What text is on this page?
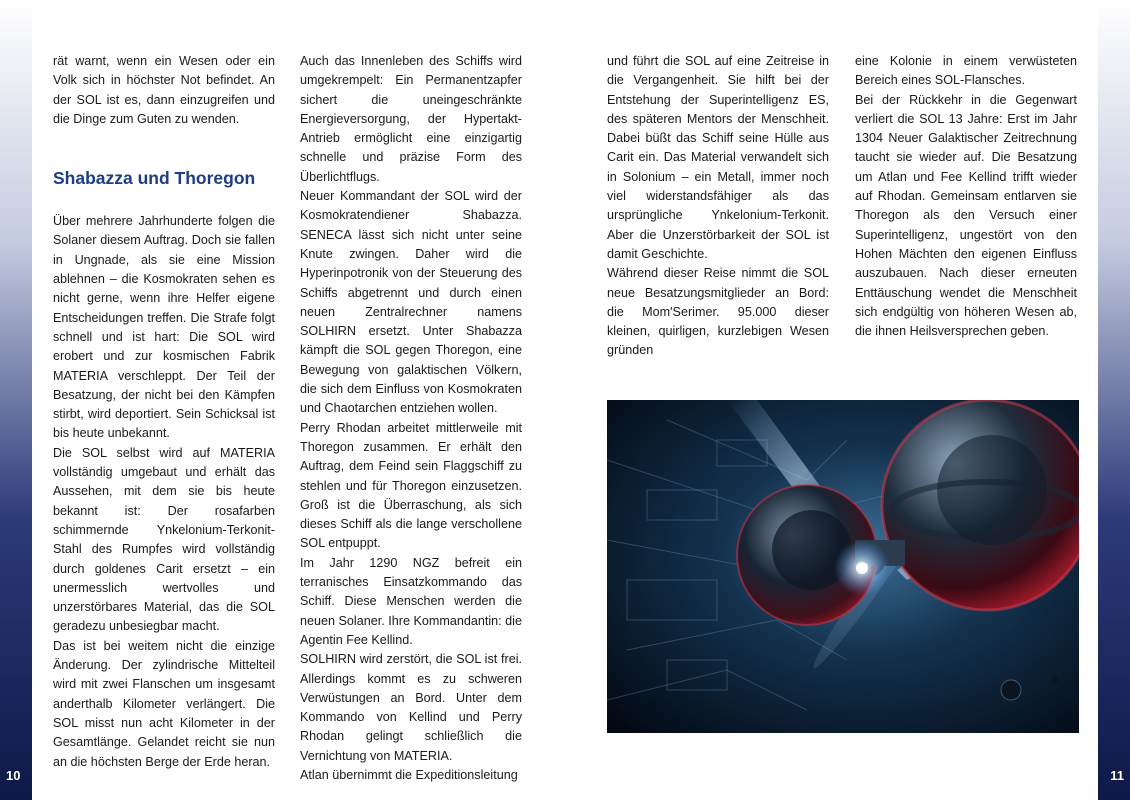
10	11

rät warnt, wenn ein Wesen oder ein Volk sich in höchster Not befindet. An der SOL ist es, dann einzugreifen und die Dinge zum Guten zu wenden.

Shabazza und Thoregon

Über mehrere Jahrhunderte folgen die Solaner diesem Auftrag. Doch sie fallen in Ungnade, als sie eine Mission ablehnen – die Kosmokraten sehen es nicht gerne, wenn ihre Helfer eigene Entscheidungen treffen. Die Strafe folgt schnell und ist hart: Die SOL wird erobert und zur kosmischen Fabrik MATERIA verschleppt. Der Teil der Besatzung, der nicht bei den Kämpfen stirbt, wird deportiert. Sein Schicksal ist bis heute unbekannt.

Die SOL selbst wird auf MATERIA vollständig umgebaut und erhält das Aussehen, mit dem sie bis heute bekannt ist: Der rosafarben schimmernde Ynkelonium-Terkonit-Stahl des Rumpfes wird vollständig durch goldenes Carit ersetzt – ein unermesslich wertvolles und unzerstörbares Material, das die SOL geradezu unbesiegbar macht.

Das ist bei weitem nicht die einzige Änderung. Der zylindrische Mittelteil wird mit zwei Flanschen um insgesamt anderthalb Kilometer verlängert. Die SOL misst nun acht Kilometer in der Gesamtlänge. Gelandet reicht sie nun an die höchsten Berge der Erde heran.

Auch das Innenleben des Schiffs wird umgekrempelt: Ein Permanentzapfer sichert die uneingeschränkte Energieversorgung, der Hypertakt-Antrieb ermöglicht eine einzigartig schnelle und präzise Form des Überlichtflugs.

Neuer Kommandant der SOL wird der Kosmokratendiener Shabazza. SENECA lässt sich nicht unter seine Knute zwingen. Daher wird die Hyperinpotronik von der Steuerung des Schiffs abgetrennt und durch einen neuen Zentralrechner namens SOLHIRN ersetzt. Unter Shabazza kämpft die SOL gegen Thoregon, eine Bewegung von galaktischen Völkern, die sich dem Einfluss von Kosmokraten und Chaotarchen entziehen wollen.

Perry Rhodan arbeitet mittlerweile mit Thoregon zusammen. Er erhält den Auftrag, dem Feind sein Flaggschiff zu stehlen und für Thoregon einzusetzen. Groß ist die Überraschung, als sich dieses Schiff als die lange verschollene SOL entpuppt.

Im Jahr 1290 NGZ befreit ein terranisches Einsatzkommando das Schiff. Diese Menschen werden die neuen Solaner. Ihre Kommandantin: die Agentin Fee Kellind.

SOLHIRN wird zerstört, die SOL ist frei. Allerdings kommt es zu schweren Verwüstungen an Bord. Unter dem Kommando von Kellind und Perry Rhodan gelingt schließlich die Vernichtung von MATERIA.

Atlan übernimmt die Expeditionsleitung

und führt die SOL auf eine Zeitreise in die Vergangenheit. Sie hilft bei der Entstehung der Superintelligenz ES, des späteren Mentors der Menschheit. Dabei büßt das Schiff seine Hülle aus Carit ein. Das Material verwandelt sich in Solonium – ein Metall, immer noch viel widerstandsfähiger als das ursprüngliche Ynkelonium-Terkonit. Aber die Unzerstörbarkeit der SOL ist damit Geschichte.

Während dieser Reise nimmt die SOL neue Besatzungsmitglieder an Bord: die Mom'Serimer. 95.000 dieser kleinen, quirligen, kurzlebigen Wesen gründen

eine Kolonie in einem verwüsteten Bereich eines SOL-Flansches.

Bei der Rückkehr in die Gegenwart verliert die SOL 13 Jahre: Erst im Jahr 1304 Neuer Galaktischer Zeitrechnung taucht sie wieder auf. Die Besatzung um Atlan und Fee Kellind trifft wieder auf Rhodan. Gemeinsam entlarven sie Thoregon als den Versuch einer Superintelligenz, ungestört von den Hohen Mächten den eigenen Einfluss auszubauen. Nach dieser erneuten Enttäuschung wendet die Menschheit sich endgültig von höheren Wesen ab, die ihnen Heilsversprechen geben.
